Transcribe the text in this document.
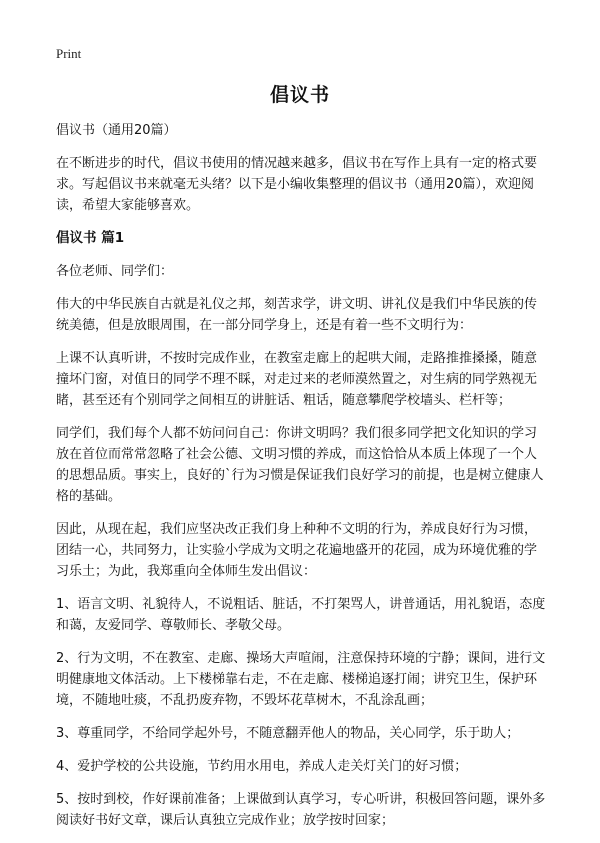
Print
倡议书

倡议书（通用20篇）

在不断进步的时代，倡议书使用的情况越来越多，倡议书在写作上具有一定的格式要求。写起倡议书来就毫无头绪？以下是小编收集整理的倡议书（通用20篇），欢迎阅读，希望大家能够喜欢。

倡议书 篇1

各位老师、同学们：

伟大的中华民族自古就是礼仪之邦，刻苦求学，讲文明、讲礼仪是我们中华民族的传统美德，但是放眼周围，在一部分同学身上，还是有着一些不文明行为：

上课不认真听讲，不按时完成作业，在教室走廊上的起哄大闹，走路推推搡搡，随意撞坏门窗，对值日的同学不理不睬，对走过来的老师漠然置之，对生病的同学熟视无睹，甚至还有个别同学之间相互的讲脏话、粗话，随意攀爬学校墙头、栏杆等；

同学们，我们每个人都不妨问问自己：你讲文明吗？我们很多同学把文化知识的学习放在首位而常常忽略了社会公德、文明习惯的养成，而这恰恰从本质上体现了一个人的思想品质。事实上，良好的`行为习惯是保证我们良好学习的前提，也是树立健康人格的基础。

因此，从现在起，我们应坚决改正我们身上种种不文明的行为，养成良好行为习惯，团结一心，共同努力，让实验小学成为文明之花遍地盛开的花园，成为环境优雅的学习乐土；为此，我郑重向全体师生发出倡议：

1、语言文明、礼貌待人，不说粗话、脏话，不打架骂人，讲普通话，用礼貌语，态度和蔼，友爱同学、尊敬师长、孝敬父母。

2、行为文明，不在教室、走廊、操场大声喧闹，注意保持环境的宁静；课间，进行文明健康地文体活动。上下楼梯靠右走，不在走廊、楼梯追逐打闹；讲究卫生，保护环境，不随地吐痰，不乱扔废弃物，不毁坏花草树木，不乱涂乱画；

3、尊重同学，不给同学起外号，不随意翻弄他人的物品，关心同学，乐于助人；

4、爱护学校的公共设施，节约用水用电，养成人走关灯关门的好习惯；

5、按时到校，作好课前准备；上课做到认真学习，专心听讲，积极回答问题，课外多阅读好书好文章，课后认真独立完成作业；放学按时回家；
